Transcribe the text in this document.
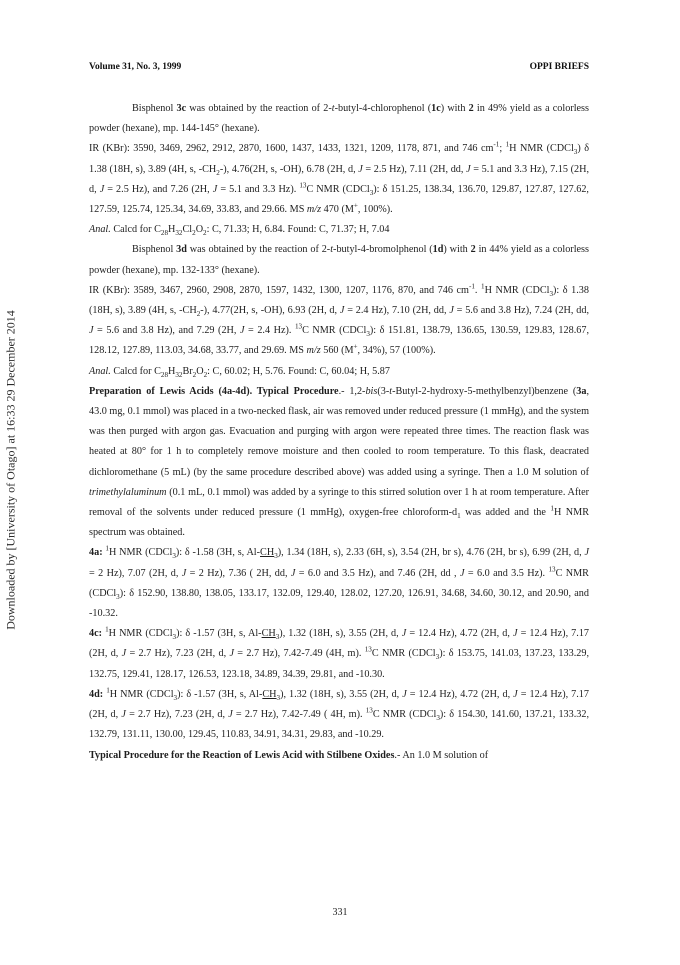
Downloaded by [University of Otago] at 16:33 29 December 2014
Volume 31, No. 3, 1999	OPPI BRIEFS

Bisphenol 3c was obtained by the reaction of 2-t-butyl-4-chlorophenol (1c) with 2 in 49% yield as a colorless powder (hexane), mp. 144-145° (hexane).

IR (KBr): 3590, 3469, 2962, 2912, 2870, 1600, 1437, 1433, 1321, 1209, 1178, 871, and 746 $cm^{-1}$; $^1$H NMR (CDCl$_3$) δ 1.38 (18H, s), 3.89 (4H, s, $-CH_2-$), 4.76(2H, s, -OH), 6.78 (2H, d, J = 2.5 Hz), 7.11 (2H, dd, J = 5.1 and 3.3 Hz), 7.15 (2H, d, J = 2.5 Hz), and 7.26 (2H, J = 5.1 and 3.3 Hz). $^{13}$C NMR (CDCl$_3$): δ 151.25, 138.34, 136.70, 129.87, 127.87, 127.62, 127.59, 125.74, 125.34, 34.69, 33.83, and 29.66. MS m/z 470 (M+, 100%).

Anal. Calcd for $C_{28}H_{32}Cl_2O_2$: C, 71.33; H, 6.84. Found: C, 71.37; H, 7.04

Bisphenol 3d was obtained by the reaction of 2-t-butyl-4-bromolphenol (1d) with 2 in 44% yield as a colorless powder (hexane), mp. 132-133° (hexane).

IR (KBr): 3589, 3467, 2960, 2908, 2870, 1597, 1432, 1300, 1207, 1176, 870, and 746 $cm^{-1}$. $^1$H NMR (CDCl$_3$): δ 1.38 (18H, s), 3.89 (4H, s, $-CH_2-$), 4.77(2H, s, -OH), 6.93 (2H, d, J = 2.4 Hz), 7.10 (2H, dd, J = 5.6 and 3.8 Hz), 7.24 (2H, dd, J = 5.6 and 3.8 Hz), and 7.29 (2H, J = 2.4 Hz). $^{13}$C NMR (CDCl$_3$): δ 151.81, 138.79, 136.65, 130.59, 129.83, 128.67, 128.12, 127.89, 113.03, 34.68, 33.77, and 29.69. MS m/z 560 (M+, 34%), 57 (100%).

Anal. Calcd for $C_{28}H_{32}Br_2O_2$: C, 60.02; H, 5.76. Found: C, 60.04; H, 5.87

Preparation of Lewis Acids (4a-4d). Typical Procedure.- 1,2-bis(3-t-Butyl-2-hydroxy-5-methylbenzyl)benzene (3a, 43.0 mg, 0.1 mmol) was placed in a two-necked flask, air was removed under reduced pressure (1 mmHg), and the system was then purged with argon gas. Evacuation and purging with argon were repeated three times. The reaction flask was heated at 80° for 1 h to completely remove moisture and then cooled to room temperature. To this flask, deacrated dichloromethane (5 mL) (by the same procedure described above) was added using a syringe. Then a 1.0 M solution of trimethylaluminum (0.1 mL, 0.1 mmol) was added by a syringe to this stirred solution over 1 h at room temperature. After removal of the solvents under reduced pressure (1 mmHg), oxygen-free chloroform-$d_1$ was added and the $^1$H NMR spectrum was obtained.

4a: $^1$H NMR (CDCl$_3$): δ -1.58 (3H, s, $Al-CH_3$), 1.34 (18H, s), 2.33 (6H, s), 3.54 (2H, br s), 4.76 (2H, br s), 6.99 (2H, d, J = 2 Hz), 7.07 (2H, d, J = 2 Hz), 7.36 ( 2H, dd, J = 6.0 and 3.5 Hz), and 7.46 (2H, dd , J = 6.0 and 3.5 Hz). $^{13}$C NMR (CDCl$_3$): δ 152.90, 138.80, 138.05, 133.17, 132.09, 129.40, 128.02, 127.20, 126.91, 34.68, 34.60, 30.12, and 20.90, and -10.32.

4c: $^1$H NMR (CDCl$_3$): δ -1.57 (3H, s, $Al-CH_3$), 1.32 (18H, s), 3.55 (2H, d, J = 12.4 Hz), 4.72 (2H, d, J = 12.4 Hz), 7.17 (2H, d, J = 2.7 Hz), 7.23 (2H, d, J = 2.7 Hz), 7.42-7.49 (4H, m). $^{13}$C NMR (CDCl$_3$): δ 153.75, 141.03, 137.23, 133.29, 132.75, 129.41, 128.17, 126.53, 123.18, 34.89, 34.39, 29.81, and -10.30.

4d: $^1$H NMR (CDCl$_3$): δ -1.57 (3H, s, $Al-CH_3$), 1.32 (18H, s), 3.55 (2H, d, J = 12.4 Hz), 4.72 (2H, d, J = 12.4 Hz), 7.17 (2H, d, J = 2.7 Hz), 7.23 (2H, d, J = 2.7 Hz), 7.42-7.49 ( 4H, m). $^{13}$C NMR (CDCl$_3$): δ 154.30, 141.60, 137.21, 133.32, 132.79, 131.11, 130.00, 129.45, 110.83, 34.91, 34.31, 29.83, and -10.29.

Typical Procedure for the Reaction of Lewis Acid with Stilbene Oxides.- An 1.0 M solution of

331
